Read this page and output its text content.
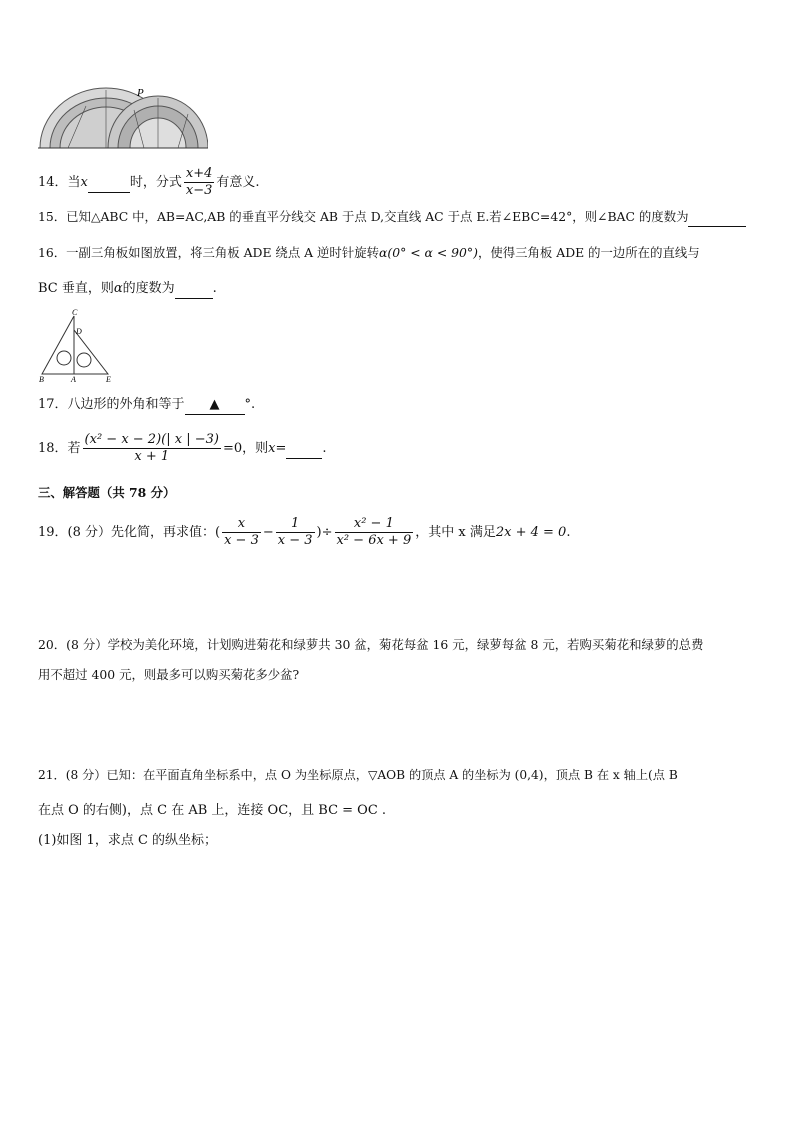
P
14．当x	时，分式 $\frac{x+4}{x-3}$ 有意义.
15．已知△ABC 中，AB=AC,AB 的垂直平分线交 AB 于点 D,交直线 AC 于点 E.若∠EBC=42°，则∠BAC 的度数为
16．一副三角板如图放置，将三角板 ADE 绕点 A 逆时针旋转α(0° < α < 90°)，使得三角板 ADE 的一边所在的直线与
BC 垂直，则α的度数为	.
C
D
B	A	E
17．八边形的外角和等于 ▲ °.
18．若 $\frac{\text{(x² − x − 2)(| x | −3)}}{x + 1} =0$，则x=	.
三、解答题（共 78 分）
19．(8 分）先化简，再求值：( $\frac{x}{x - 3} - \frac{1}{x - 3}$ )÷ $\frac{\text{x² − 1}}{\text{x² − 6x + 9}}$ ，其中 x 满足2x + 4 = 0.
20．(8 分）学校为美化环境，计划购进菊花和绿萝共 30 盆，菊花每盆 16 元，绿萝每盆 8 元，若购买菊花和绿萝的总费
用不超过 400 元，则最多可以购买菊花多少盆?
21．(8 分）已知：在平面直角坐标系中，点 O 为坐标原点，▽AOB 的顶点 A 的坐标为 (0,4)，顶点 B 在 x 轴上(点 B
在点 O 的右侧)，点 C 在 AB 上，连接 OC，且 BC = OC .
(1)如图 1，求点 C 的纵坐标；
